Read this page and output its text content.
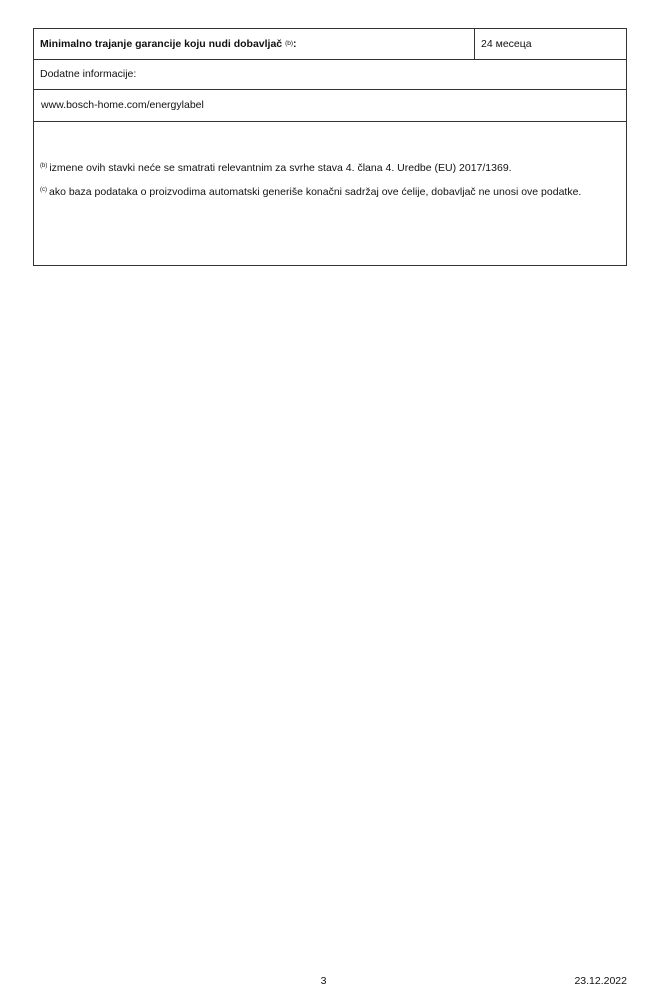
Minimalno trajanje garancije koju nudi dobavljač
(b) :	24 месеца
Dodatne informacije:
www.bosch-home.com/energylabel

$^{(b)}$ izmene ovih stavki neće se smatrati relevantnim za svrhe stava 4. člana 4. Uredbe (EU) 2017/1369.

$^{(c)}$ ako baza podataka o proizvodima automatski generiše konačni sadržaj ove ćelije, dobavljač ne unosi ove podatke.

3	23.12.2022
